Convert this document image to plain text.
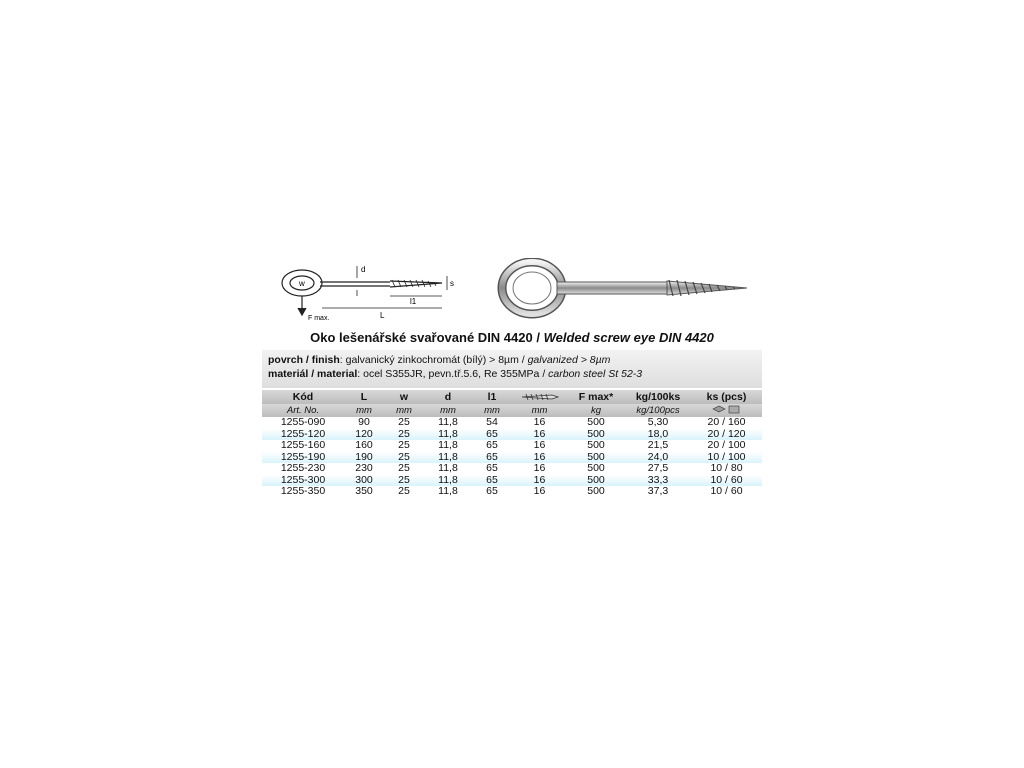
d
w	s
l1
L
F max.
Oko lešenářské svařované DIN 4420 / Welded screw eye DIN 4420
povrch / finish: galvanický zinkochromát (bílý) > 8µm / galvanized > 8µm
materiál / material: ocel S355JR, pevn.tř.5.6, Re 355MPa / carbon steel St 52-3
Kód	L	w	d	l1		F max*	kg/100ks	ks (pcs)
Art. No.	mm	mm	mm	mm	mm	kg	kg/100pcs	
1255-090	90	25	11,8	54	16	500	5,30	20 / 160
1255-120	120	25	11,8	65	16	500	18,0	20 / 120
1255-160	160	25	11,8	65	16	500	21,5	20 / 100
1255-190	190	25	11,8	65	16	500	24,0	10 / 100
1255-230	230	25	11,8	65	16	500	27,5	10 / 80
1255-300	300	25	11,8	65	16	500	33,3	10 / 60
1255-350	350	25	11,8	65	16	500	37,3	10 / 60
